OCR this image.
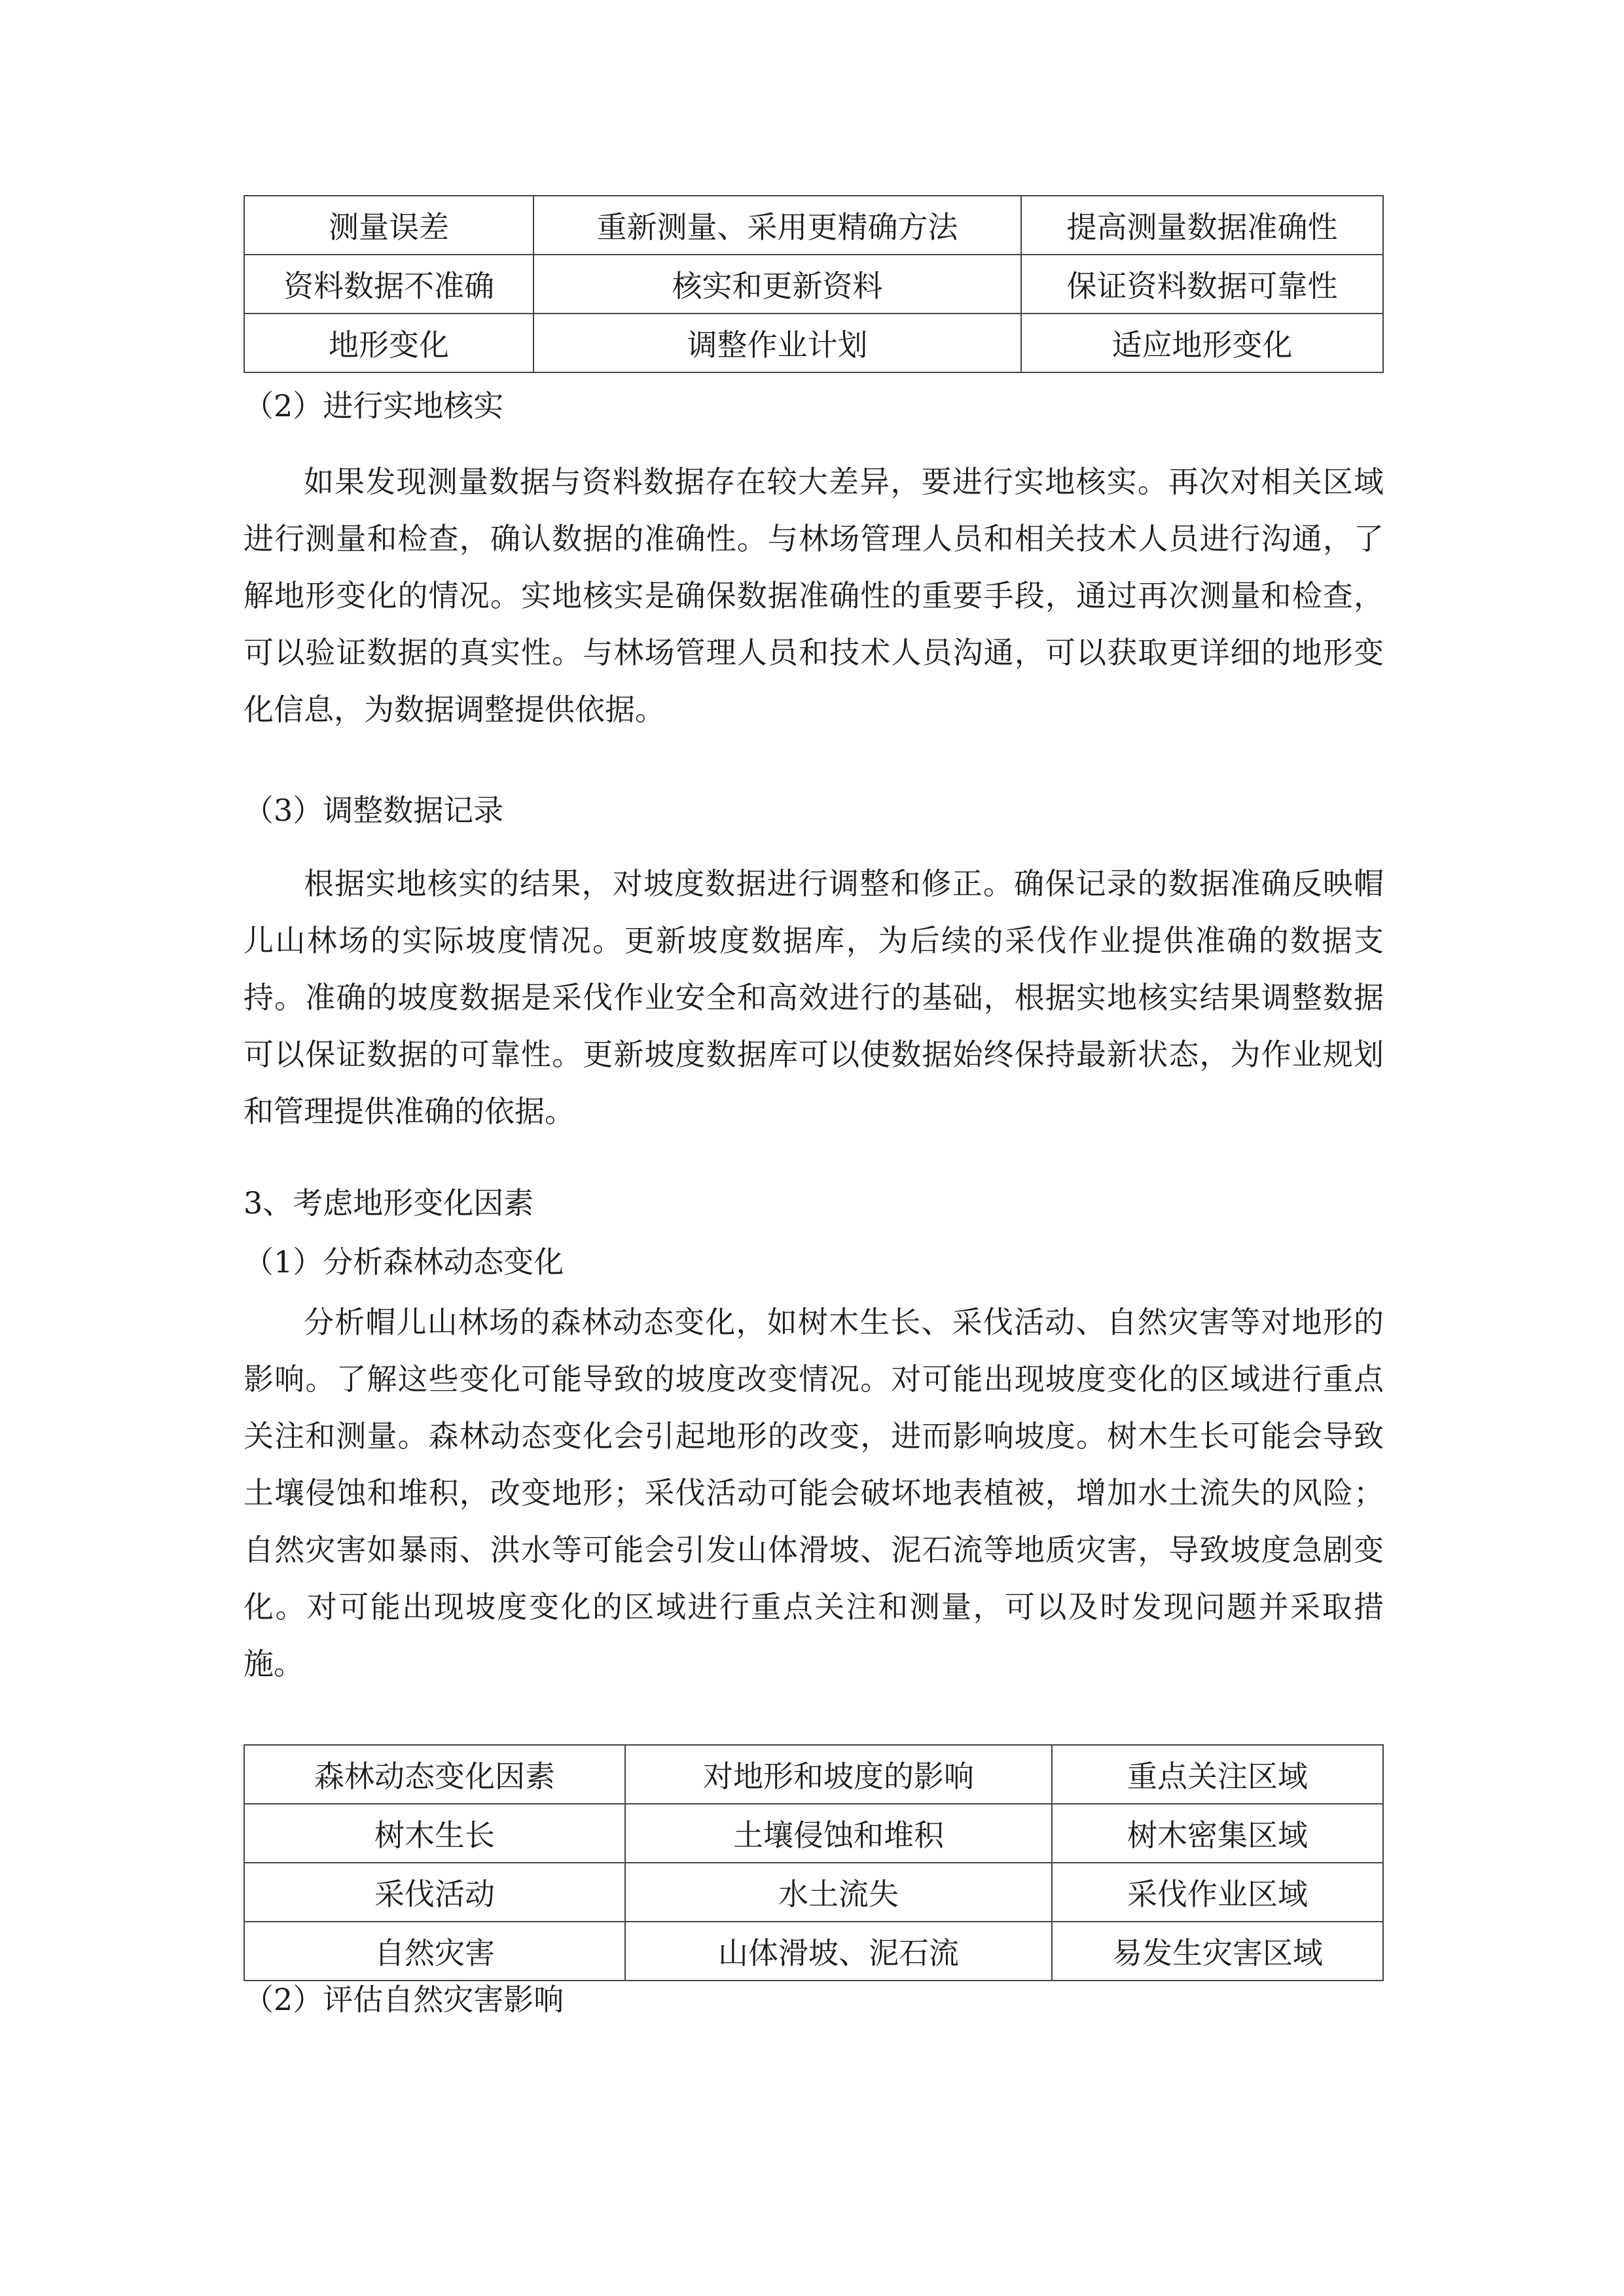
测量误差	重新测量、采用更精确方法	提高测量数据准确性
资料数据不准确	核实和更新资料	保证资料数据可靠性
地形变化	调整作业计划	适应地形变化
（2）进行实地核实

如果发现测量数据与资料数据存在较大差异，要进行实地核实。再次对相关区域进行测量和检查，确认数据的准确性。与林场管理人员和相关技术人员进行沟通，了解地形变化的情况。实地核实是确保数据准确性的重要手段，通过再次测量和检查，可以验证数据的真实性。与林场管理人员和技术人员沟通，可以获取更详细的地形变化信息，为数据调整提供依据。

（3）调整数据记录

根据实地核实的结果，对坡度数据进行调整和修正。确保记录的数据准确反映帽儿山林场的实际坡度情况。更新坡度数据库，为后续的采伐作业提供准确的数据支持。准确的坡度数据是采伐作业安全和高效进行的基础，根据实地核实结果调整数据可以保证数据的可靠性。更新坡度数据库可以使数据始终保持最新状态，为作业规划和管理提供准确的依据。

3、考虑地形变化因素
（1）分析森林动态变化

分析帽儿山林场的森林动态变化，如树木生长、采伐活动、自然灾害等对地形的影响。了解这些变化可能导致的坡度改变情况。对可能出现坡度变化的区域进行重点关注和测量。森林动态变化会引起地形的改变，进而影响坡度。树木生长可能会导致土壤侵蚀和堆积，改变地形；采伐活动可能会破坏地表植被，增加水土流失的风险；自然灾害如暴雨、洪水等可能会引发山体滑坡、泥石流等地质灾害，导致坡度急剧变化。对可能出现坡度变化的区域进行重点关注和测量，可以及时发现问题并采取措施。

森林动态变化因素	对地形和坡度的影响	重点关注区域
树木生长	土壤侵蚀和堆积	树木密集区域
采伐活动	水土流失	采伐作业区域
自然灾害	山体滑坡、泥石流	易发生灾害区域
（2）评估自然灾害影响
